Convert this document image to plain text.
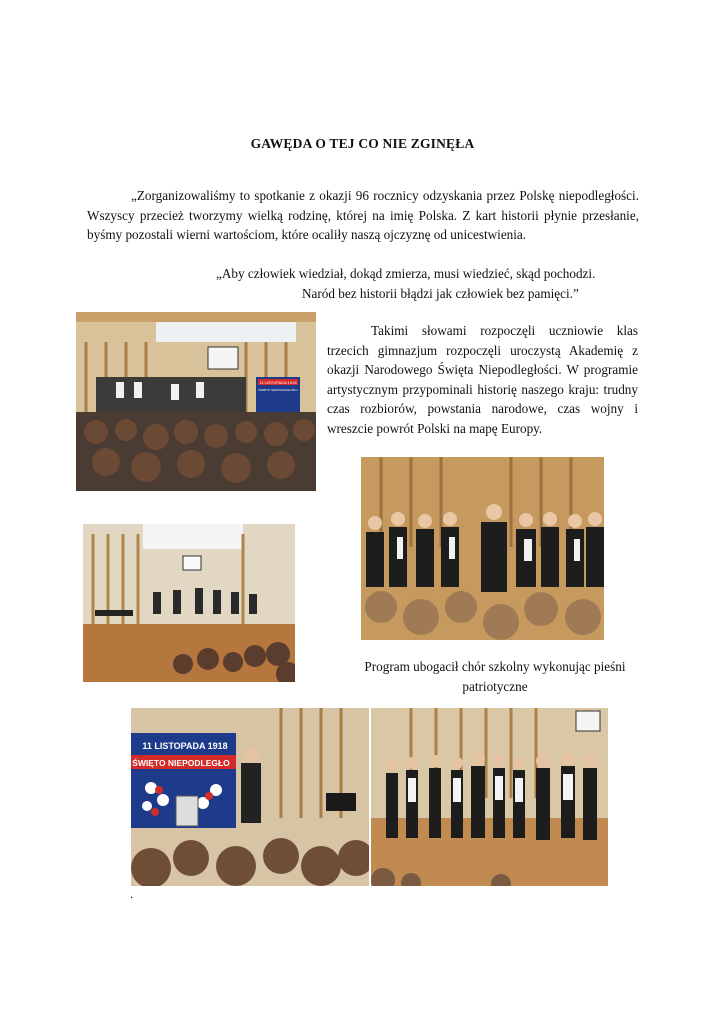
GAWĘDA O TEJ CO NIE ZGINĘŁA

„Zorganizowaliśmy to spotkanie z okazji 96 rocznicy odzyskania przez Polskę niepodległości. Wszyscy przecież tworzymy wielką rodzinę, której na imię Polska. Z kart historii płynie przesłanie, byśmy pozostali wierni wartościom, które ocaliły naszą ojczyznę od unicestwienia.

„Aby człowiek wiedział, dokąd zmierza, musi wiedzieć, skąd pochodzi.
Naród bez historii błądzi jak człowiek bez pamięci.”
11 LISTOPADA 1918
ŚWIĘTO NIEPODLEGŁOŚCI

Takimi słowami rozpoczęli uczniowie klas trzecich gimnazjum rozpoczęli uroczystą Akademię z okazji Narodowego Święta Niepodległości. W programie artystycznym przypominali historię naszego kraju: trudny czas rozbiorów, powstania narodowe, czas wojny i wreszcie powrót Polski na mapę Europy.

Program ubogacił chór szkolny wykonując pieśni patriotyczne
11 LISTOPADA 1918
ŚWIĘTO NIEPODLEGŁO
.
